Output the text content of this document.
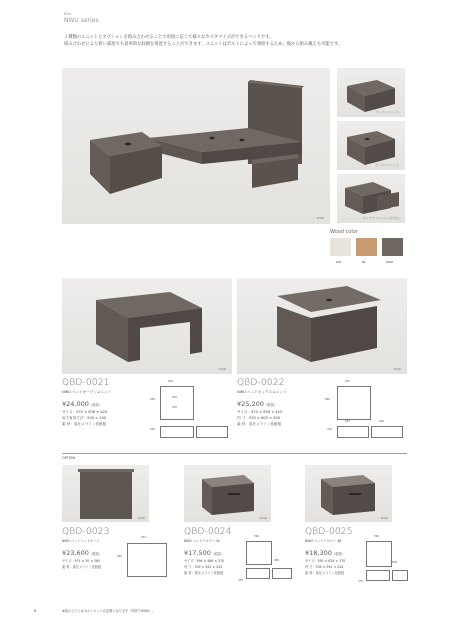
Bed
NWU series
２種類のユニットとオプションを組み合わせることで用途に応じて様々なカスタマイズができるベッドです。
組み合わせにより狭い部屋でも効率的な収納を用意することができます。ユニットはボルトによって連結するため、後から組み換えも可能です。
WGR
オープンユニット
ボックスユニット
ボックスユニット+引き出し
Wood color
WH	NL	WGR
WGR	WGR
QBD-0021
NWU ベッドオープンユニット
¥24,000（税抜）
サイズ：970 × 658 × 420
床下有効寸法：500 × 350
素 材：高圧メラミン化粧板
970
658
420
500
350
QBD-0022
NWU ベッドボックスユニット
¥25,200（税抜）
サイズ：970 × 658 × 425
内 寸：933 × 605 × 400
素 材：高圧メラミン化粧板
970
658
425
933	605
OPTION
WGR	WGR	WGR
QBD-0023
NWU ベッドヘッドボード
¥23,600（税抜）
サイズ：974 × 30 × 560
素 材：高圧メラミン化粧板
974
560
QBD-0024
NWU ベッドドロワー 4C
¥17,500（税抜）
サイズ：596 × 486 × 370
内 寸：534 × 452 × 244
素 材：高圧メラミン化粧板
596
486
370
QBD-0025
NWU ベッドドロワー 4B
¥18,300（税抜）
サイズ：590 × 628 × 370
内 寸：534 × 592 × 244
素 材：高圧メラミン化粧板
590
628
370
6	※組み立てにはボルトセットが必要となります（別売り¥500）。
